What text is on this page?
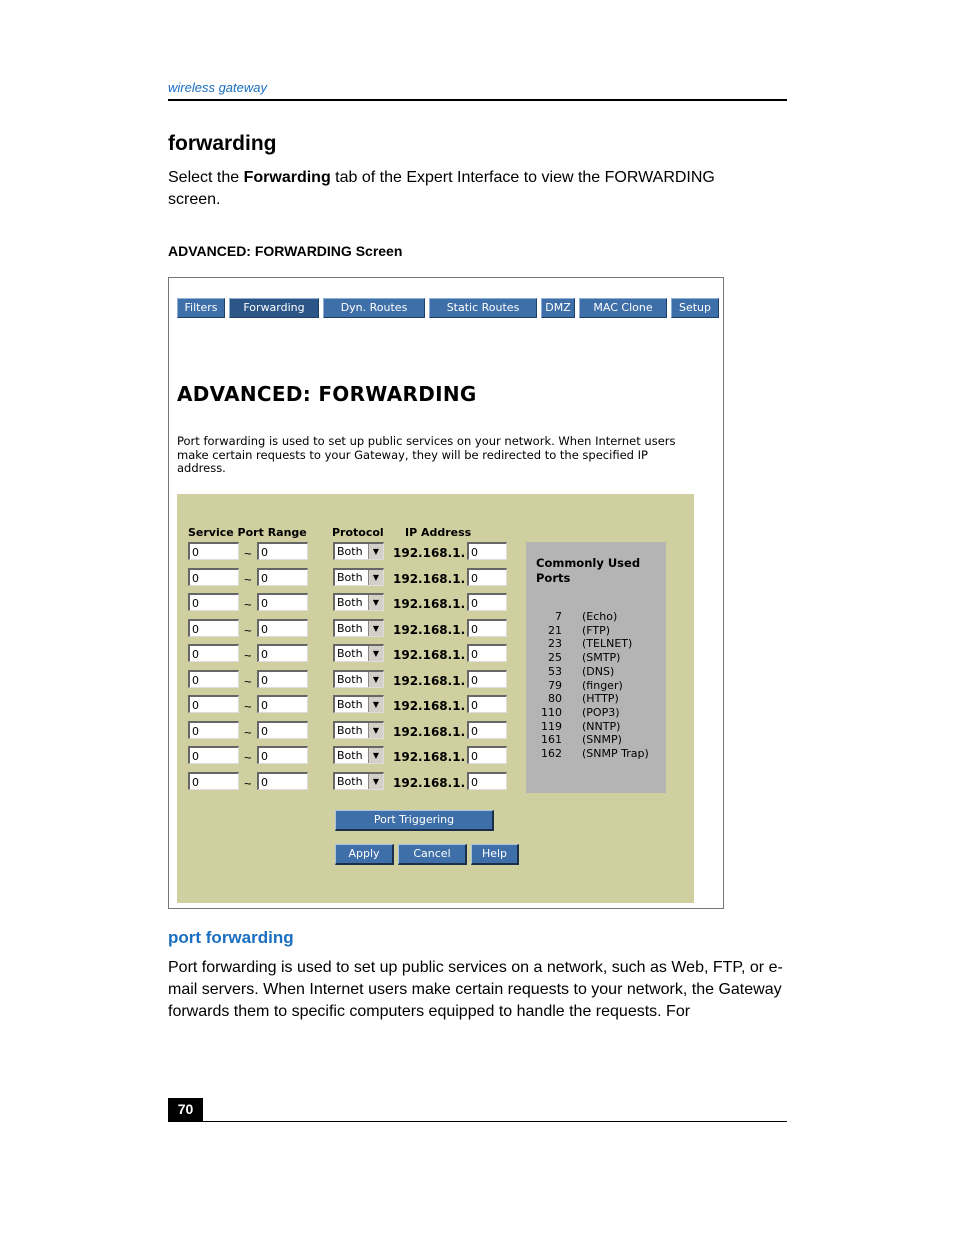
wireless gateway
forwarding
Select the Forwarding tab of the Expert Interface to view the FORWARDING screen.
ADVANCED: FORWARDING Screen
Filters	Forwarding	Dyn. Routes	Static Routes	DMZ	MAC Clone	Setup
ADVANCED: FORWARDING
Port forwarding is used to set up public services on your network. When Internet users make certain requests to your Gateway, they will be redirected to the specified IP address.
Service Port Range Protocol IP Address
0	~ 0	Both	▼	192.168.1. 0
0	~ 0	Both	▼	192.168.1. 0
0	~ 0	Both	▼	192.168.1. 0
0	~ 0	Both	▼	192.168.1. 0
0	~ 0	Both	▼	192.168.1. 0
0	~ 0	Both	▼	192.168.1. 0
0	~ 0	Both	▼	192.168.1. 0
0	~ 0	Both	▼	192.168.1. 0
0	~ 0	Both	▼	192.168.1. 0
0	~ 0	Both	▼	192.168.1. 0
Commonly Used Ports
7 (Echo)
21 (FTP)
23 (TELNET)
25 (SMTP)
53 (DNS)
79 (finger)
80 (HTTP)
110 (POP3)
119 (NNTP)
161 (SNMP)
162 (SNMP Trap)
Port Triggering
Apply	Cancel	Help
port forwarding
Port forwarding is used to set up public services on a network, such as Web, FTP, or e-mail servers. When Internet users make certain requests to your network, the Gateway forwards them to specific computers equipped to handle the requests. For
70
